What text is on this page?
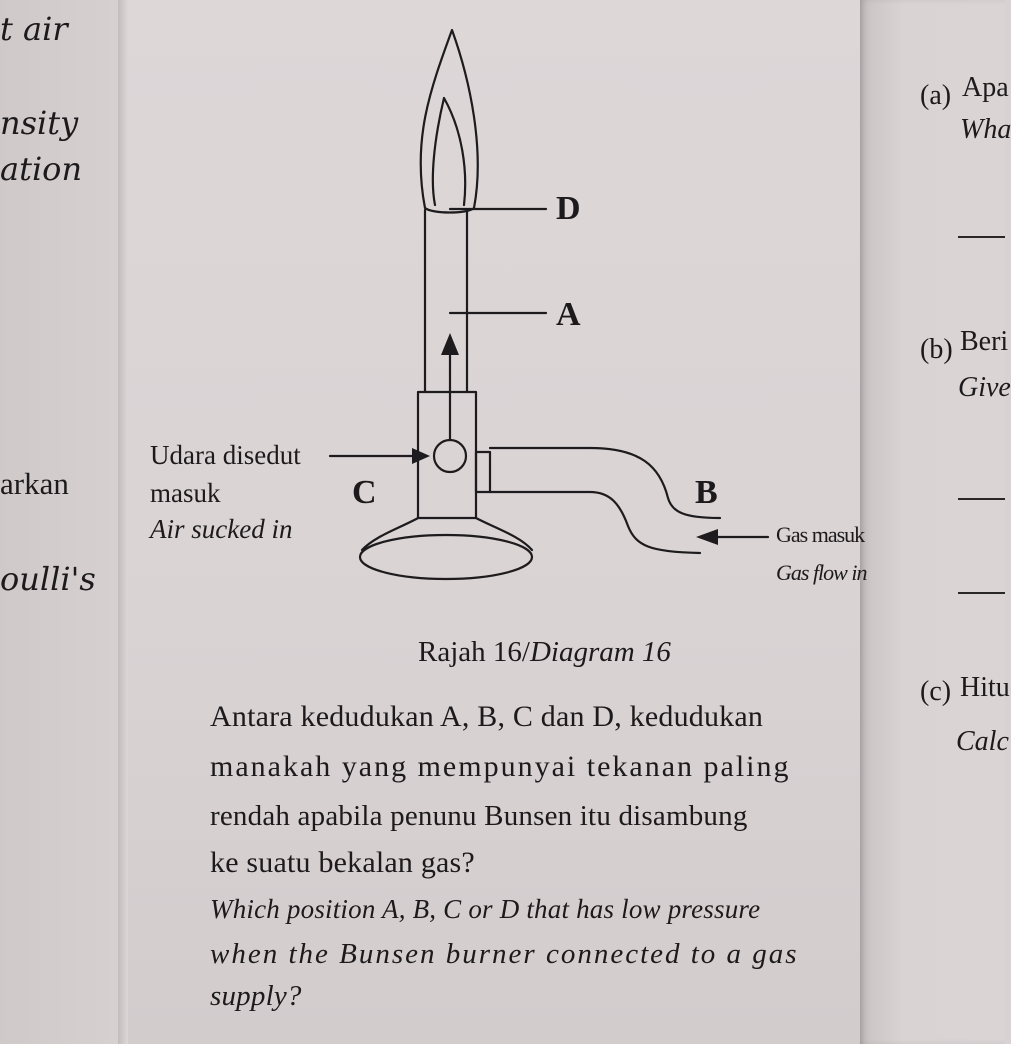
t air
nsity
ation
arkan
oulli's
D
A
C	B
Udara disedut
masuk
Air sucked in	Gas masuk
Gas flow in
Rajah 16/Diagram 16
Antara kedudukan A, B, C dan D, kedudukan
manakah yang mempunyai tekanan paling
rendah apabila penunu Bunsen itu disambung
ke suatu bekalan gas?
Which position A, B, C or D that has low pressure
when the Bunsen burner connected to a gas
supply?
(a) Apa
Wha
(b) Beri
Give
(c) Hitu
Calc
